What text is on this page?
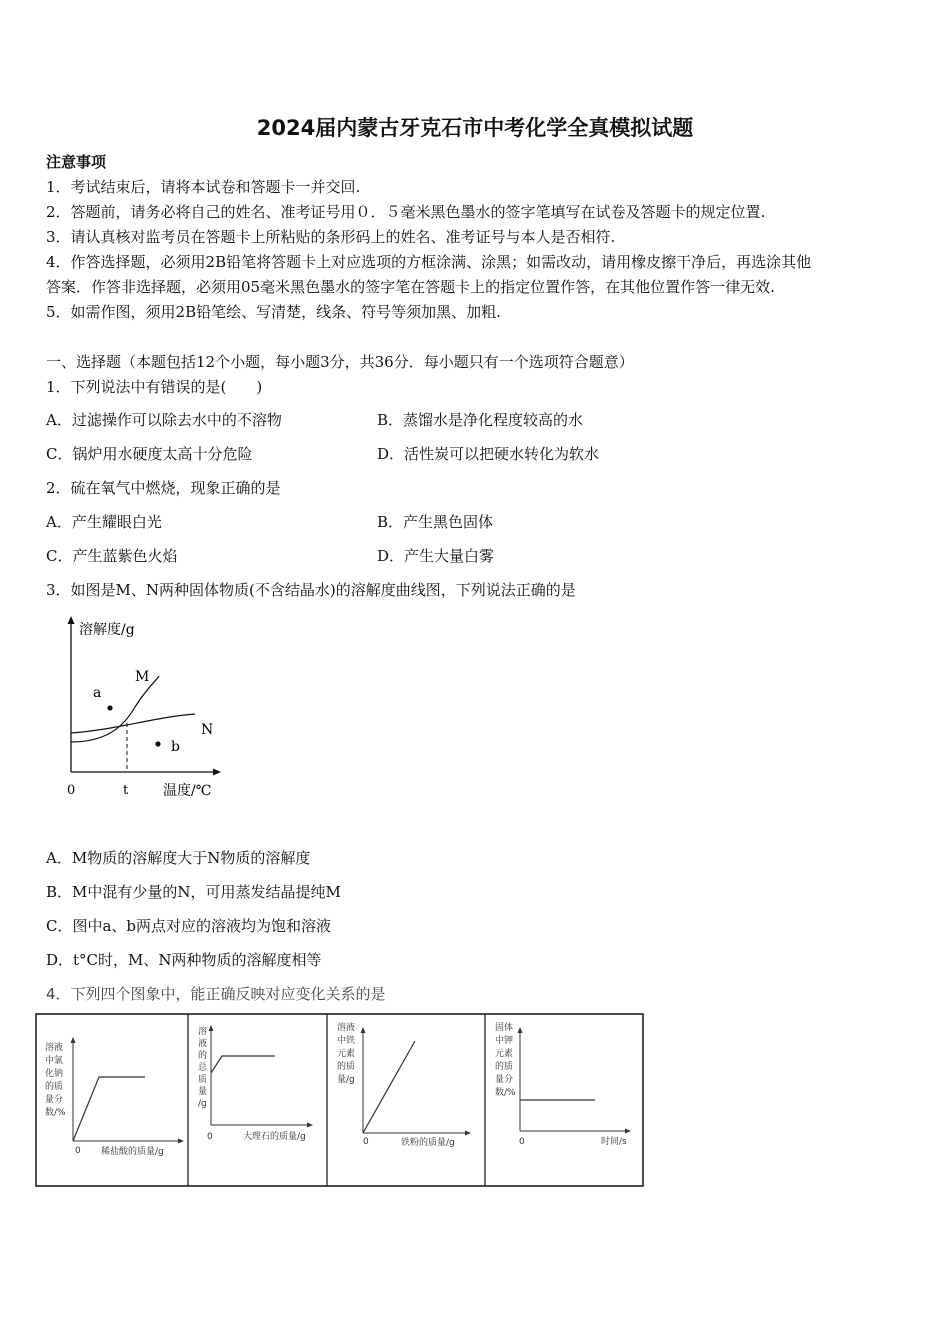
2024届内蒙古牙克石市中考化学全真模拟试题
注意事项
1．考试结束后，请将本试卷和答题卡一并交回.
2．答题前，请务必将自己的姓名、准考证号用０．５毫米黑色墨水的签字笔填写在试卷及答题卡的规定位置.
3．请认真核对监考员在答题卡上所粘贴的条形码上的姓名、准考证号与本人是否相符.
4．作答选择题，必须用2B铅笔将答题卡上对应选项的方框涂满、涂黑；如需改动，请用橡皮擦干净后，再选涂其他
答案．作答非选择题，必须用05毫米黑色墨水的签字笔在答题卡上的指定位置作答，在其他位置作答一律无效.
5．如需作图，须用2B铅笔绘、写清楚，线条、符号等须加黑、加粗.
一、选择题（本题包括12个小题，每小题3分，共36分．每小题只有一个选项符合题意）
1．下列说法中有错误的是(　　)
A．过滤操作可以除去水中的不溶物	B．蒸馏水是净化程度较高的水
C．锅炉用水硬度太高十分危险	D．活性炭可以把硬水转化为软水
2．硫在氧气中燃烧，现象正确的是
A．产生耀眼白光	B．产生黑色固体
C．产生蓝紫色火焰	D．产生大量白雾
3．如图是M、N两种固体物质(不含结晶水)的溶解度曲线图，下列说法正确的是
溶解度/g
温度/℃
0	t
M
N
a
b
A．M物质的溶解度大于N物质的溶解度
B．M中混有少量的N，可用蒸发结晶提纯M
C．图中a、b两点对应的溶液均为饱和溶液
D．t°C时，M、N两种物质的溶解度相等
4．下列四个图象中，能正确反映对应变化关系的是
溶液
中氯
化钠
的质
量分
数/%
0 稀盐酸的质量/g
溶
液
的
总
质
量
/g
0	大理石的质量/g
溶液
中铁
元素
的质
量/g
0	铁粉的质量/g
固体
中钾
元素
的质
量分
数/%
0	时间/s
